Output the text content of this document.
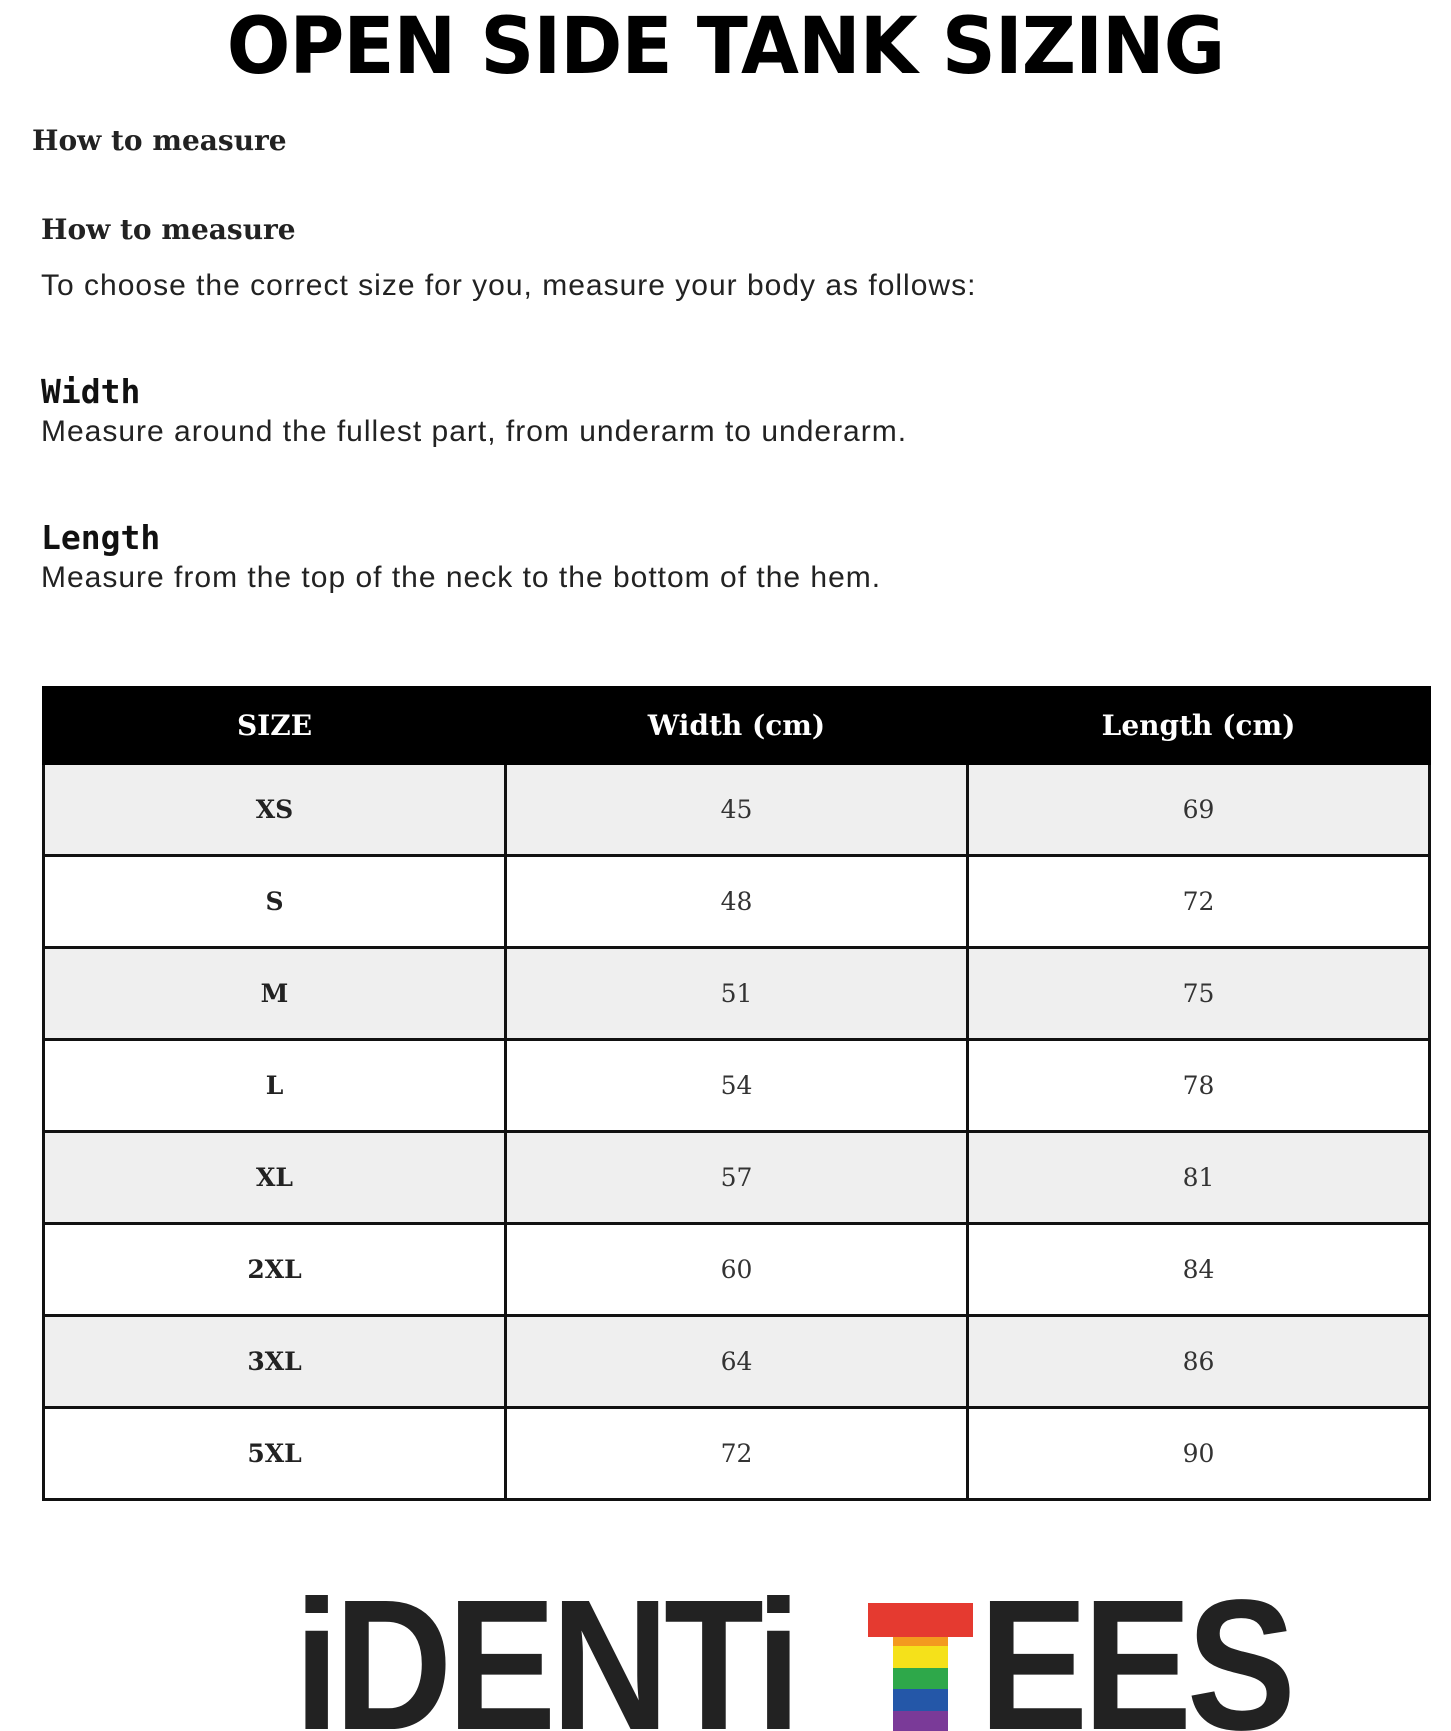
OPEN SIDE TANK SIZING
How to measure
How to measure
To choose the correct size for you, measure your body as follows:
Width
Measure around the fullest part, from underarm to underarm.
Length
Measure from the top of the neck to the bottom of the hem.
SIZE	Width (cm)	Length (cm)
XS	45	69
S	48	72
M	51	75
L	54	78
XL	57	81
2XL	60	84
3XL	64	86
5XL	72	90
iDENTi EES
